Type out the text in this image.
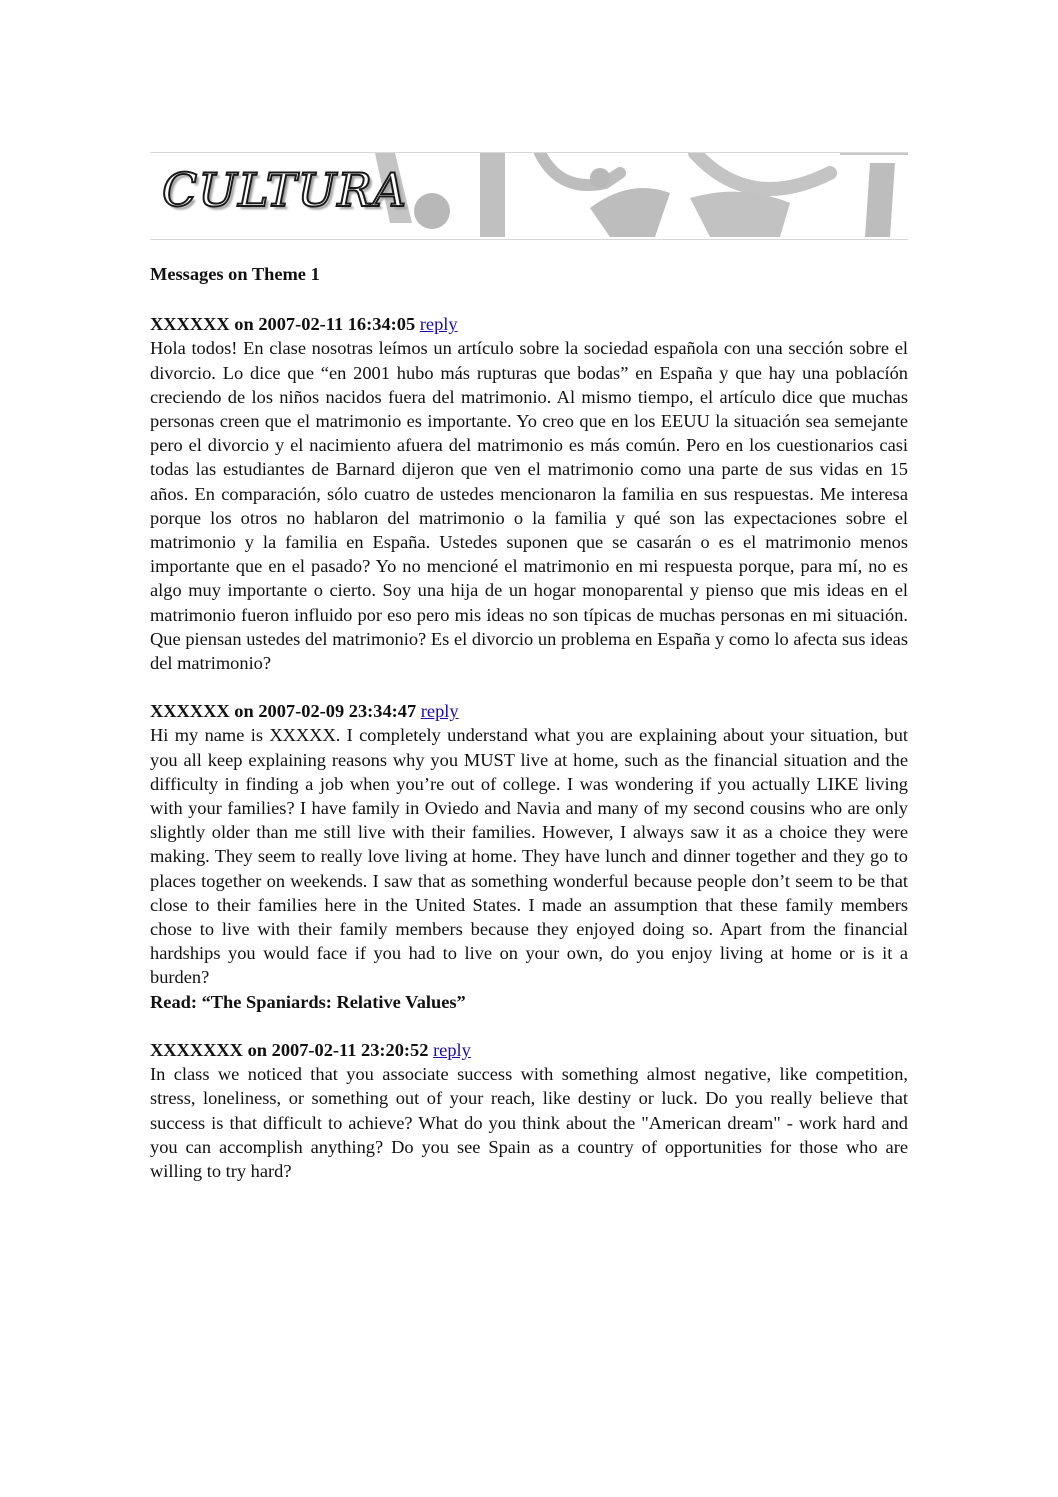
CULTURA
Messages on Theme 1
XXXXXX on 2007-02-11 16:34:05 reply

Hola todos! En clase nosotras leímos un artículo sobre la sociedad española con una sección sobre el divorcio. Lo dice que “en 2001 hubo más rupturas que bodas” en España y que hay una poblacíón creciendo de los niños nacidos fuera del matrimonio. Al mismo tiempo, el artículo dice que muchas personas creen que el matrimonio es importante. Yo creo que en los EEUU la situación sea semejante pero el divorcio y el nacimiento afuera del matrimonio es más común. Pero en los cuestionarios casi todas las estudiantes de Barnard dijeron que ven el matrimonio como una parte de sus vidas en 15 años. En comparación, sólo cuatro de ustedes mencionaron la familia en sus respuestas. Me interesa porque los otros no hablaron del matrimonio o la familia y qué son las expectaciones sobre el matrimonio y la familia en España. Ustedes suponen que se casarán o es el matrimonio menos importante que en el pasado? Yo no mencioné el matrimonio en mi respuesta porque, para mí, no es algo muy importante o cierto. Soy una hija de un hogar monoparental y pienso que mis ideas en el matrimonio fueron influido por eso pero mis ideas no son típicas de muchas personas en mi situación. Que piensan ustedes del matrimonio? Es el divorcio un problema en España y como lo afecta sus ideas del matrimonio?

XXXXXX on 2007-02-09 23:34:47 reply

Hi my name is XXXXX. I completely understand what you are explaining about your situation, but you all keep explaining reasons why you MUST live at home, such as the financial situation and the difficulty in finding a job when you’re out of college. I was wondering if you actually LIKE living with your families? I have family in Oviedo and Navia and many of my second cousins who are only slightly older than me still live with their families. However, I always saw it as a choice they were making. They seem to really love living at home. They have lunch and dinner together and they go to places together on weekends. I saw that as something wonderful because people don’t seem to be that close to their families here in the United States. I made an assumption that these family members chose to live with their family members because they enjoyed doing so. Apart from the financial hardships you would face if you had to live on your own, do you enjoy living at home or is it a burden?

Read: “The Spaniards: Relative Values”

XXXXXXX on 2007-02-11 23:20:52 reply

In class we noticed that you associate success with something almost negative, like competition, stress, loneliness, or something out of your reach, like destiny or luck. Do you really believe that success is that difficult to achieve? What do you think about the "American dream" - work hard and you can accomplish anything? Do you see Spain as a country of opportunities for those who are willing to try hard?
